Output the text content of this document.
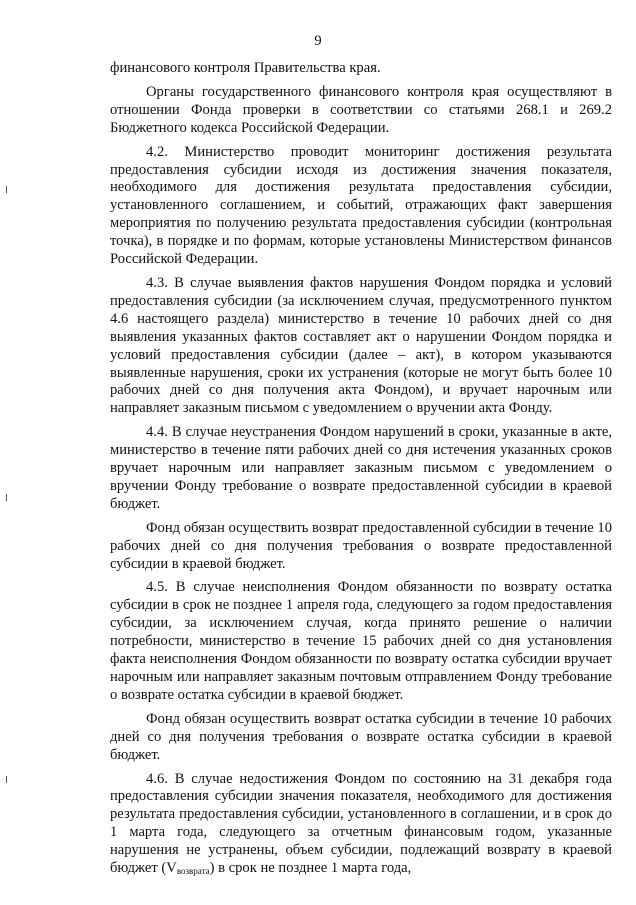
9

финансового контроля Правительства края.

Органы государственного финансового контроля края осуществляют в отношении Фонда проверки в соответствии со статьями 268.1 и 269.2 Бюджетного кодекса Российской Федерации.

4.2. Министерство проводит мониторинг достижения результата предоставления субсидии исходя из достижения значения показателя, необходимого для достижения результата предоставления субсидии, установленного соглашением, и событий, отражающих факт завершения мероприятия по получению результата предоставления субсидии (контрольная точка), в порядке и по формам, которые установлены Министерством финансов Российской Федерации.

4.3. В случае выявления фактов нарушения Фондом порядка и условий предоставления субсидии (за исключением случая, предусмотренного пунктом 4.6 настоящего раздела) министерство в течение 10 рабочих дней со дня выявления указанных фактов составляет акт о нарушении Фондом порядка и условий предоставления субсидии (далее – акт), в котором указываются выявленные нарушения, сроки их устранения (которые не могут быть более 10 рабочих дней со дня получения акта Фондом), и вручает нарочным или направляет заказным письмом с уведомлением о вручении акта Фонду.

4.4. В случае неустранения Фондом нарушений в сроки, указанные в акте, министерство в течение пяти рабочих дней со дня истечения указанных сроков вручает нарочным или направляет заказным письмом с уведомлением о вручении Фонду требование о возврате предоставленной субсидии в краевой бюджет.

Фонд обязан осуществить возврат предоставленной субсидии в течение 10 рабочих дней со дня получения требования о возврате предоставленной субсидии в краевой бюджет.

4.5. В случае неисполнения Фондом обязанности по возврату остатка субсидии в срок не позднее 1 апреля года, следующего за годом предоставления субсидии, за исключением случая, когда принято решение о наличии потребности, министерство в течение 15 рабочих дней со дня установления факта неисполнения Фондом обязанности по возврату остатка субсидии вручает нарочным или направляет заказным почтовым отправлением Фонду требование о возврате остатка субсидии в краевой бюджет.

Фонд обязан осуществить возврат остатка субсидии в течение 10 рабочих дней со дня получения требования о возврате остатка субсидии в краевой бюджет.

4.6. В случае недостижения Фондом по состоянию на 31 декабря года предоставления субсидии значения показателя, необходимого для достижения результата предоставления субсидии, установленного в соглашении, и в срок до 1 марта года, следующего за отчетным финансовым годом, указанные нарушения не устранены, объем субсидии, подлежащий возврату в краевой бюджет $(V_{возврата})$ в срок не позднее 1 марта года,
